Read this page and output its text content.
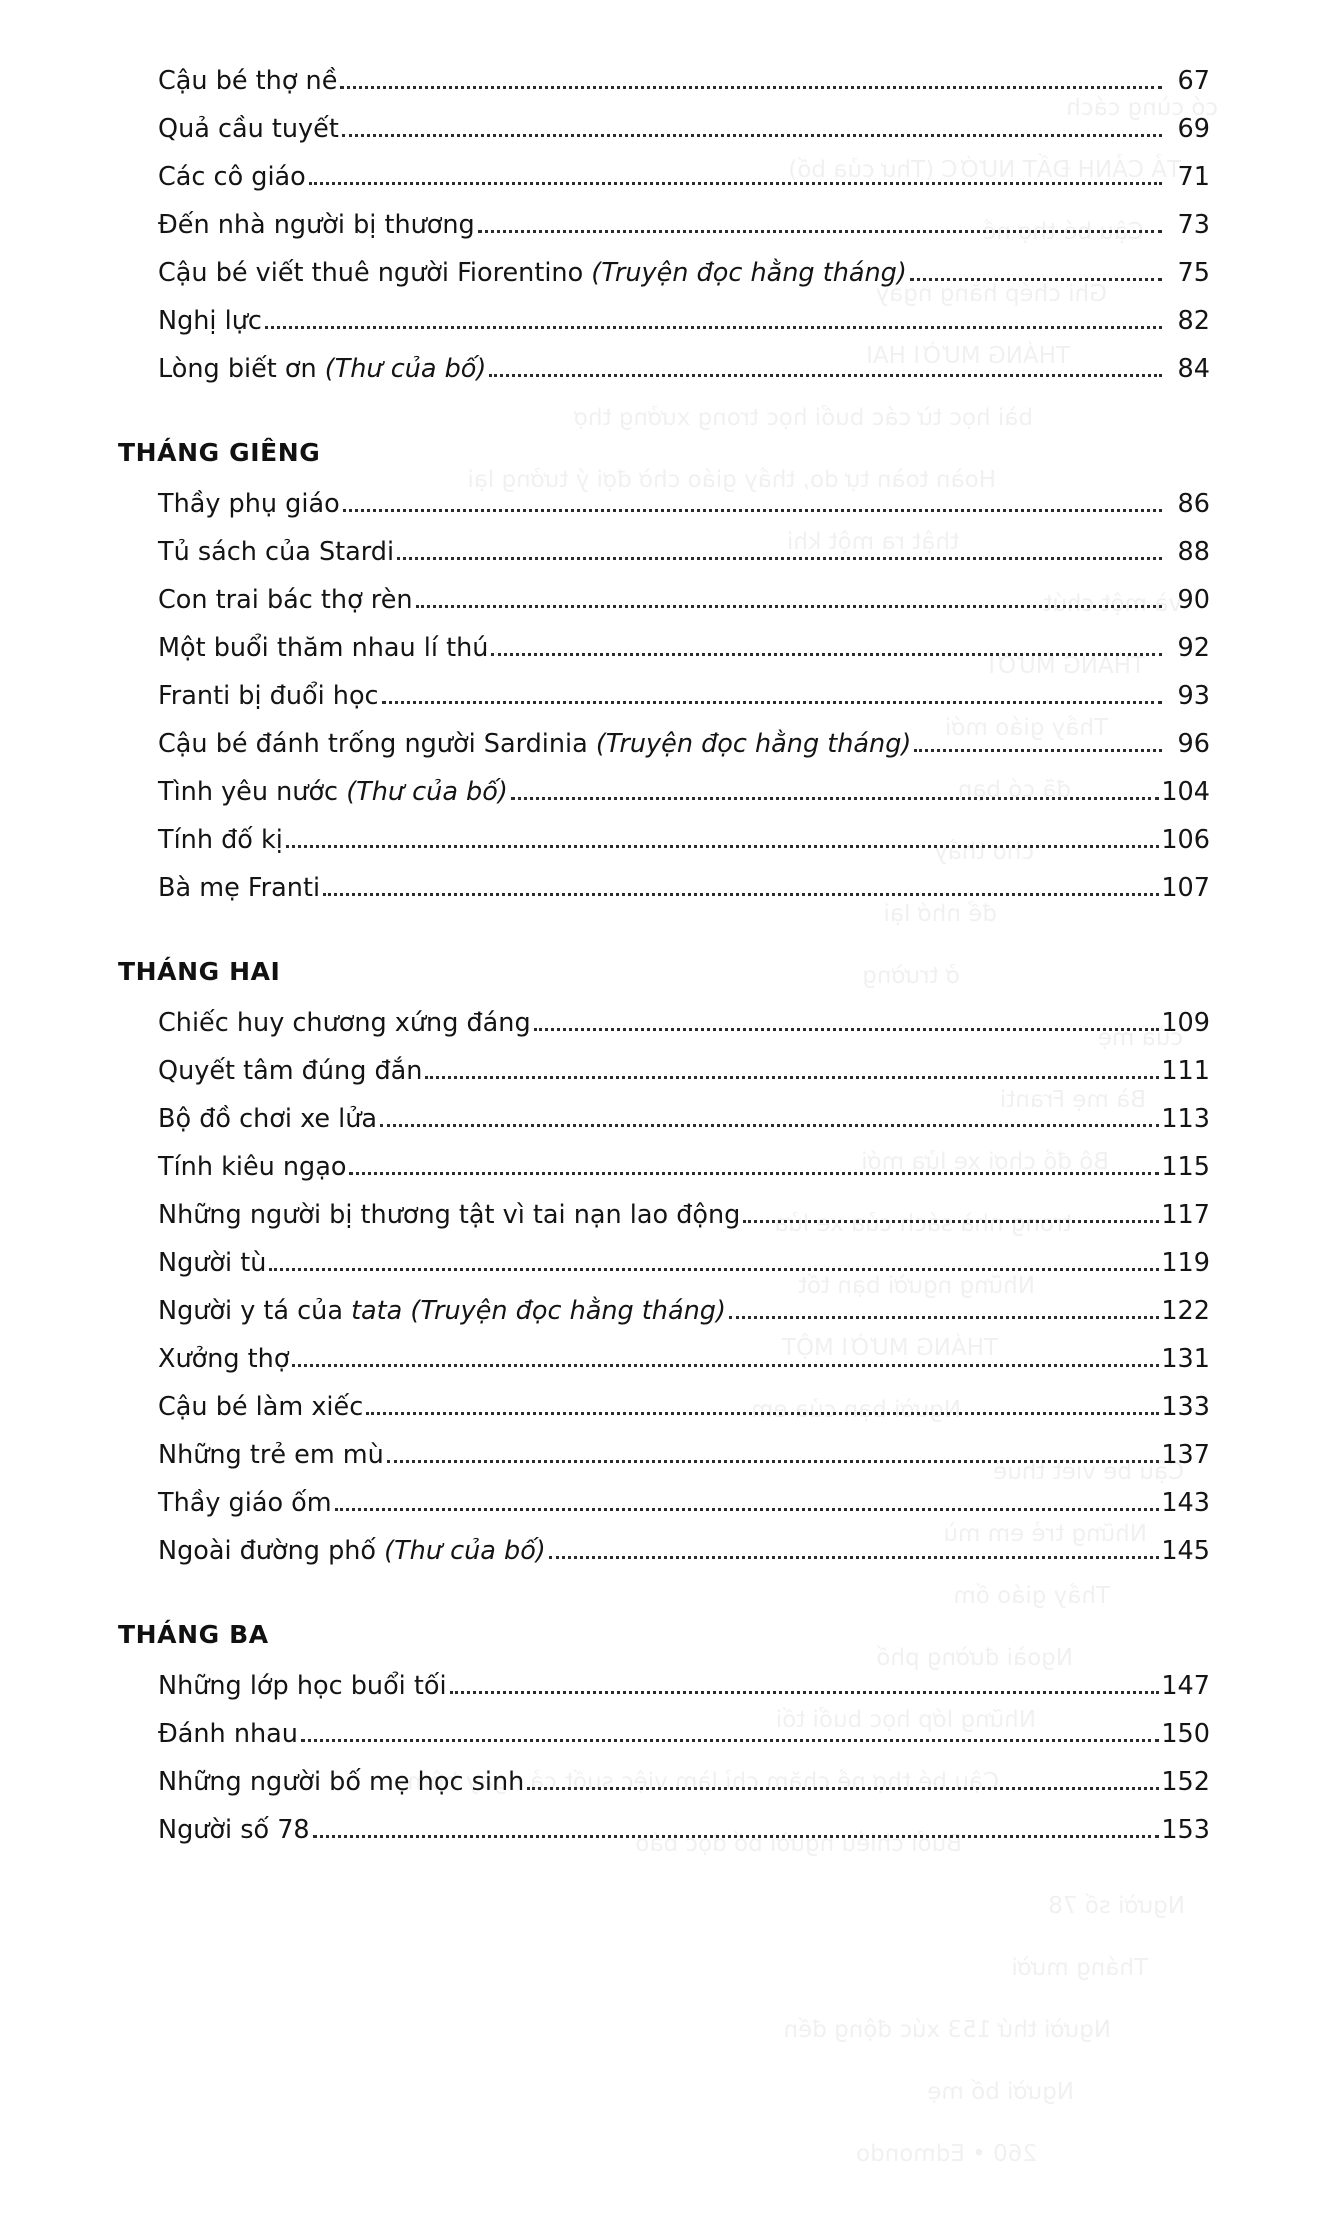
có cùng cách
TẢ CẢNH ĐẤT NƯỚC (Thư của bố)
Cậu bé thợ nề
Ghi chép hằng ngày
THÁNG MƯỜI HAI
bài học từ các buổi học trong xưởng thợ
Hoàn toàn tự do, thầy giáo chờ đợi ý tưởng lại
thật ra một khi
và một chút
THÁNG MƯỜI
Thầy giáo mới
đã có bạn
cho thầy
để nhớ lại
ở trường
của mẹ
Bà mẹ Franti
Bộ đồ chơi xe lửa mới
trong nhà sách của xe lửa
Những người bạn tốt
THÁNG MƯỜI MỘT
Người bạn của em
Cậu bé viết thuê
Những trẻ em mù
Thầy giáo ốm
Ngoài đường phố
Những lớp học buổi tối
Cậu bé thợ nề chăm chỉ làm việc suốt cả ngày hôm
Buổi chiều người bố đọc báo
Người số 78
Tháng mười
Người thứ 153 xúc động đến
Người bố mẹ
260 • Edmondo
Cậu bé thợ nề	67
Quả cầu tuyết	69
Các cô giáo	71
Đến nhà người bị thương	73
Cậu bé viết thuê người Fiorentino (Truyện đọc hằng tháng)	75
Nghị lực	82
Lòng biết ơn (Thư của bố)	84
THÁNG GIÊNG
Thầy phụ giáo	86
Tủ sách của Stardi	88
Con trai bác thợ rèn	90
Một buổi thăm nhau lí thú	92
Franti bị đuổi học	93
Cậu bé đánh trống người Sardinia (Truyện đọc hằng tháng)	96
Tình yêu nước (Thư của bố)	104
Tính đố kị	106
Bà mẹ Franti	107
THÁNG HAI
Chiếc huy chương xứng đáng	109
Quyết tâm đúng đắn	111
Bộ đồ chơi xe lửa	113
Tính kiêu ngạo	115
Những người bị thương tật vì tai nạn lao động	117
Người tù	119
Người y tá của tata (Truyện đọc hằng tháng)	122
Xưởng thợ	131
Cậu bé làm xiếc	133
Những trẻ em mù	137
Thầy giáo ốm	143
Ngoài đường phố (Thư của bố)	145
THÁNG BA
Những lớp học buổi tối	147
Đánh nhau	150
Những người bố mẹ học sinh	152
Người số 78	153
